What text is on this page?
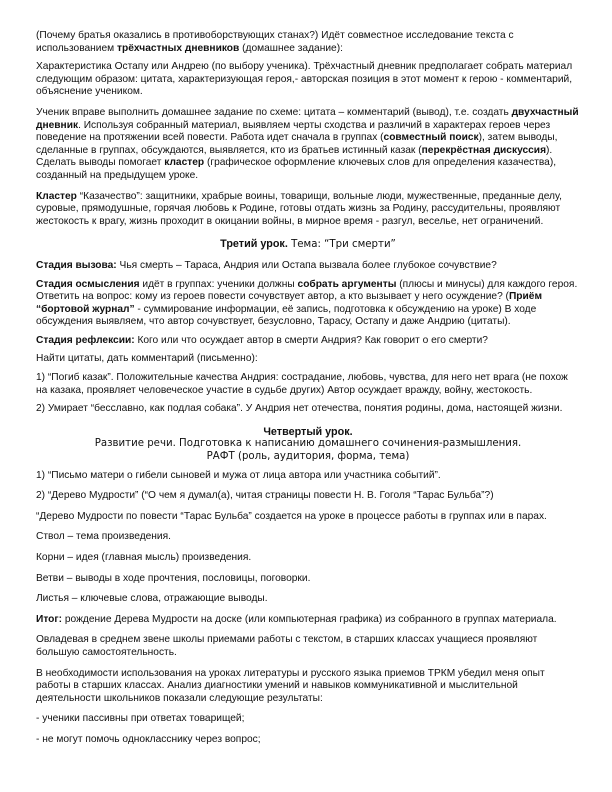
(Почему братья оказались в противоборствующих станах?) Идёт совместное исследование текста с
использованием трёхчастных дневников (домашнее задание):

Характеристика Остапу или Андрею (по выбору ученика). Трёхчастный дневник предполагает собрать материал следующим образом: цитата, характеризующая героя,- авторская позиция в этот момент к герою - комментарий, объяснение учеником.

Ученик вправе выполнить домашнее задание по схеме: цитата – комментарий (вывод), т.е. создать двухчастный дневник. Используя собранный материал, выявляем черты сходства и различий в характерах героев через поведение на протяжении всей повести. Работа идет сначала в группах (совместный поиск), затем выводы, сделанные в группах, обсуждаются, выявляется, кто из братьев истинный казак (перекрёстная дискуссия). Сделать выводы помогает кластер (графическое оформление ключевых слов для определения казачества), созданный на предыдущем уроке.

Кластер “Казачество”: защитники, храбрые воины, товарищи, вольные люди, мужественные, преданные делу, суровые, прямодушные, горячая любовь к Родине, готовы отдать жизнь за Родину, рассудительны, проявляют жестокость к врагу, жизнь проходит в окицании войны, в мирное время - разгул, веселье, нет ограничений.

Третий урок. Тема: “Три смерти”

Стадия вызова: Чья смерть – Тараса, Андрия или Остапа вызвала более глубокое сочувствие?

Стадия осмысления идёт в группах: ученики должны собрать аргументы (плюсы и минусы) для каждого героя. Ответить на вопрос: кому из героев повести сочувствует автор, а кто вызывает у него осуждение? (Приём “бортовой журнал” - суммирование информации, её запись, подготовка к обсуждению на уроке) В ходе обсуждения выявляем, что автор сочувствует, безусловно, Тарасу, Остапу и даже Андрию (цитаты).

Стадия рефлексии: Кого или что осуждает автор в смерти Андрия? Как говорит о его смерти?

Найти цитаты, дать комментарий (письменно):

1) “Погиб казак”. Положительные качества Андрия: сострадание, любовь, чувства, для него нет врага (не похож на казака, проявляет человеческое участие в судьбе других) Автор осуждает вражду, войну, жестокость.

2) Умирает “бесславно, как подлая собака”. У Андрия нет отечества, понятия родины, дома, настоящей жизни.

Четвертый урок.

Развитие речи. Подготовка к написанию домашнего сочинения-размышления.

РАФТ (роль, аудитория, форма, тема)

1) “Письмо матери о гибели сыновей и мужа от лица автора или участника событий”.

2) “Дерево Мудрости” (“О чем я думал(а), читая страницы повести Н. В. Гоголя “Тарас Бульба”?)

“Дерево Мудрости по повести “Тарас Бульба” создается на уроке в процессе работы в группах или в парах.

Ствол – тема произведения.

Корни – идея (главная мысль) произведения.

Ветви – выводы в ходе прочтения, пословицы, поговорки.

Листья – ключевые слова, отражающие выводы.

Итог: рождение Дерева Мудрости на доске (или компьютерная графика) из собранного в группах материала.

Овладевая в среднем звене школы приемами работы с текстом, в старших классах учащиеся проявляют большую самостоятельность.

В необходимости использования на уроках литературы и русского языка приемов ТРКМ убедил меня опыт работы в старших классах. Анализ диагностики умений и навыков коммуникативной и мыслительной деятельности школьников показали следующие результаты:

- ученики пассивны при ответах товарищей;

- не могут помочь однокласснику через вопрос;
